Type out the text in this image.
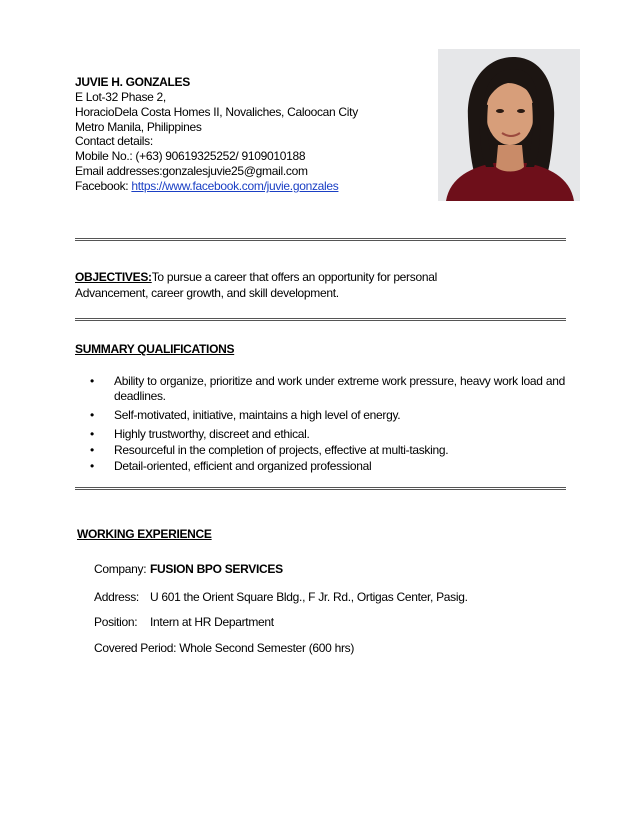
JUVIE H. GONZALES
E Lot-32 Phase 2,
HoracioDela Costa Homes II, Novaliches, Caloocan City
Metro Manila, Philippines
Contact details:
Mobile No.: (+63) 90619325252/ 9109010188
Email addresses:gonzalesjuvie25@gmail.com
Facebook: https://www.facebook.com/juvie.gonzales
OBJECTIVES:To pursue a career that offers an opportunity for personal
Advancement, career growth, and skill development.
SUMMARY QUALIFICATIONS
• Ability to organize, prioritize and work under extreme work pressure, heavy work load and deadlines.
• Self-motivated, initiative, maintains a high level of energy.
• Highly trustworthy, discreet and ethical.
• Resourceful in the completion of projects, effective at multi-tasking.
• Detail-oriented, efficient and organized professional
WORKING EXPERIENCE
Company: FUSION BPO SERVICES
Address: U 601 the Orient Square Bldg., F Jr. Rd., Ortigas Center, Pasig.
Position: Intern at HR Department
Covered Period: Whole Second Semester (600 hrs)
